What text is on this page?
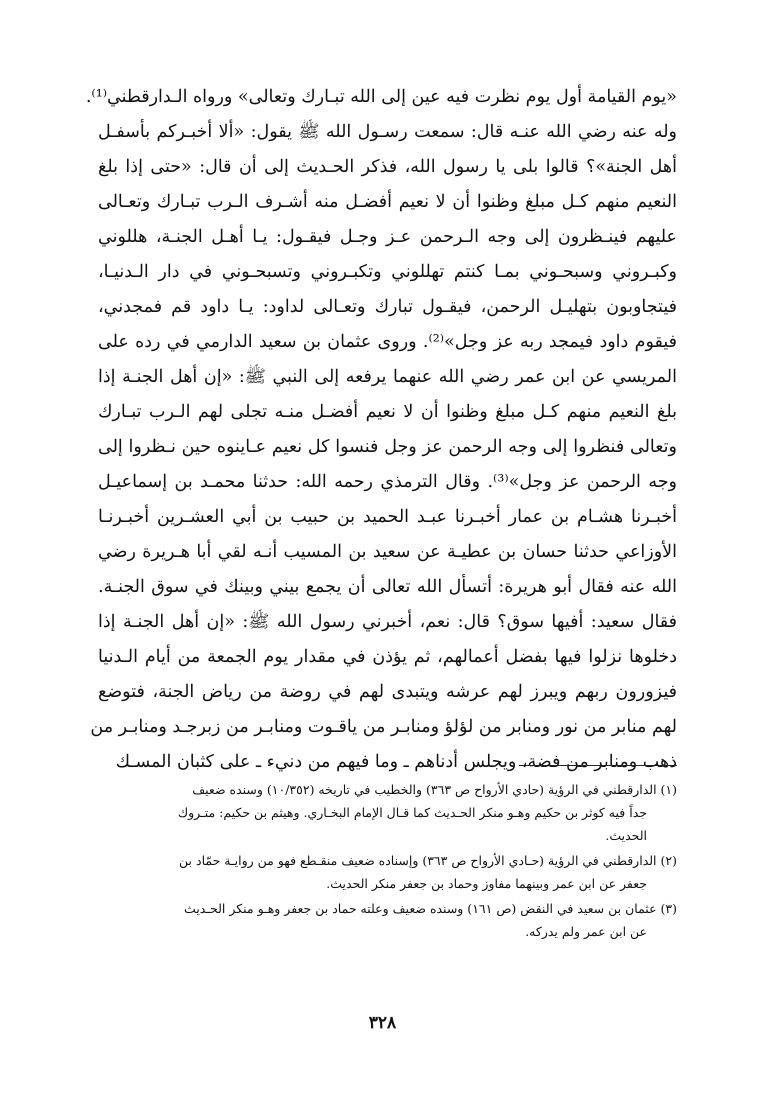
«يوم القيامة أول يوم نظرت فيه عين إلى الله تبـارك وتعالى» ورواه الـدارقطني⁽¹⁾.
وله عنه رضي الله عنـه قال: سمعت رسـول الله ﷺ يقول: «ألا أخبـركم بأسفـل
أهل الجنة»؟ قالوا بلى يا رسول الله، فذكر الحـديث إلى أن قال: «حتى إذا بلغ
النعيم منهم كـل مبلغ وظنوا أن لا نعيم أفضـل منه أشـرف الـرب تبـارك وتعـالى
عليهم فينـظرون إلى وجه الـرحمن عـز وجـل فيقـول: يـا أهـل الجنـة، هللوني
وكبـروني وسبحـوني بمـا كنتم تهللوني وتكبـروني وتسبحـوني في دار الـدنيـا،
فيتجاوبون بتهليـل الرحمن، فيقـول تبارك وتعـالى لداود: يـا داود قم فمجدني،
فيقوم داود فيمجد ربه عز وجل»⁽²⁾. وروى عثمان بن سعيد الدارمي في رده على
المريسي عن ابن عمر رضي الله عنهما يرفعه إلى النبي ﷺ: «إن أهل الجنـة إذا
بلغ النعيم منهم كـل مبلغ وظنوا أن لا نعيم أفضـل منـه تجلى لهم الـرب تبـارك
وتعالى فنظروا إلى وجه الرحمن عز وجل فنسوا كل نعيم عـاينوه حين نـظروا إلى
وجه الرحمن عز وجل»⁽³⁾. وقال الترمذي رحمه الله: حدثنا محمـد بن إسماعيـل
أخبـرنا هشـام بن عمار أخبـرنا عبـد الحميد بن حبيب بن أبي العشـرين أخبـرنـا
الأوزاعي حدثنا حسان بن عطيـة عن سعيد بن المسيب أنـه لقي أبا هـريرة رضي
الله عنه فقال أبو هريرة: أتسأل الله تعالى أن يجمع بيني وبينك في سوق الجنـة.
فقال سعيد: أفيها سوق؟ قال: نعم، أخبرني رسول الله ﷺ: «إن أهل الجنـة إذا
دخلوها نزلوا فيها بفضل أعمالهم، ثم يؤذن في مقدار يوم الجمعة من أيام الـدنيا
فيزورون ربهم ويبرز لهم عرشه ويتبدى لهم في روضة من رياض الجنة، فتوضع
لهم منابر من نور ومنابر من لؤلؤ ومنابـر من ياقـوت ومنابـر من زبرجـد ومنابـر من
ذهب ومنابر من فضة، ويجلس أدناهم ـ وما فيهم من دنيء ـ على كثبان المسـك
(١) الدارقطني في الرؤية (حادي الأرواح ص ٣٦٣) والخطيب في تاريخه (١٠/٣٥٢) وسنده ضعيف
جداً فيه كوثر بن حكيم وهـو منكر الحـديث كما قـال الإمام البخـاري. وهيثم بن حكيم: متـروك
الحديث.
(٢) الدارقطني في الرؤية (حـادي الأرواح ص ٣٦٣) وإسناده ضعيف منقـطع فهو من روايـة حمّاد بن
جعفر عن ابن عمر وبينهما مفاوز وحماد بن جعفر منكر الحديث.
(٣) عثمان بن سعيد في النقض (ص ١٦١) وسنده ضعيف وعلته حماد بن جعفر وهـو منكر الحـديث
عن ابن عمر ولم يدركه.
٣٢٨
